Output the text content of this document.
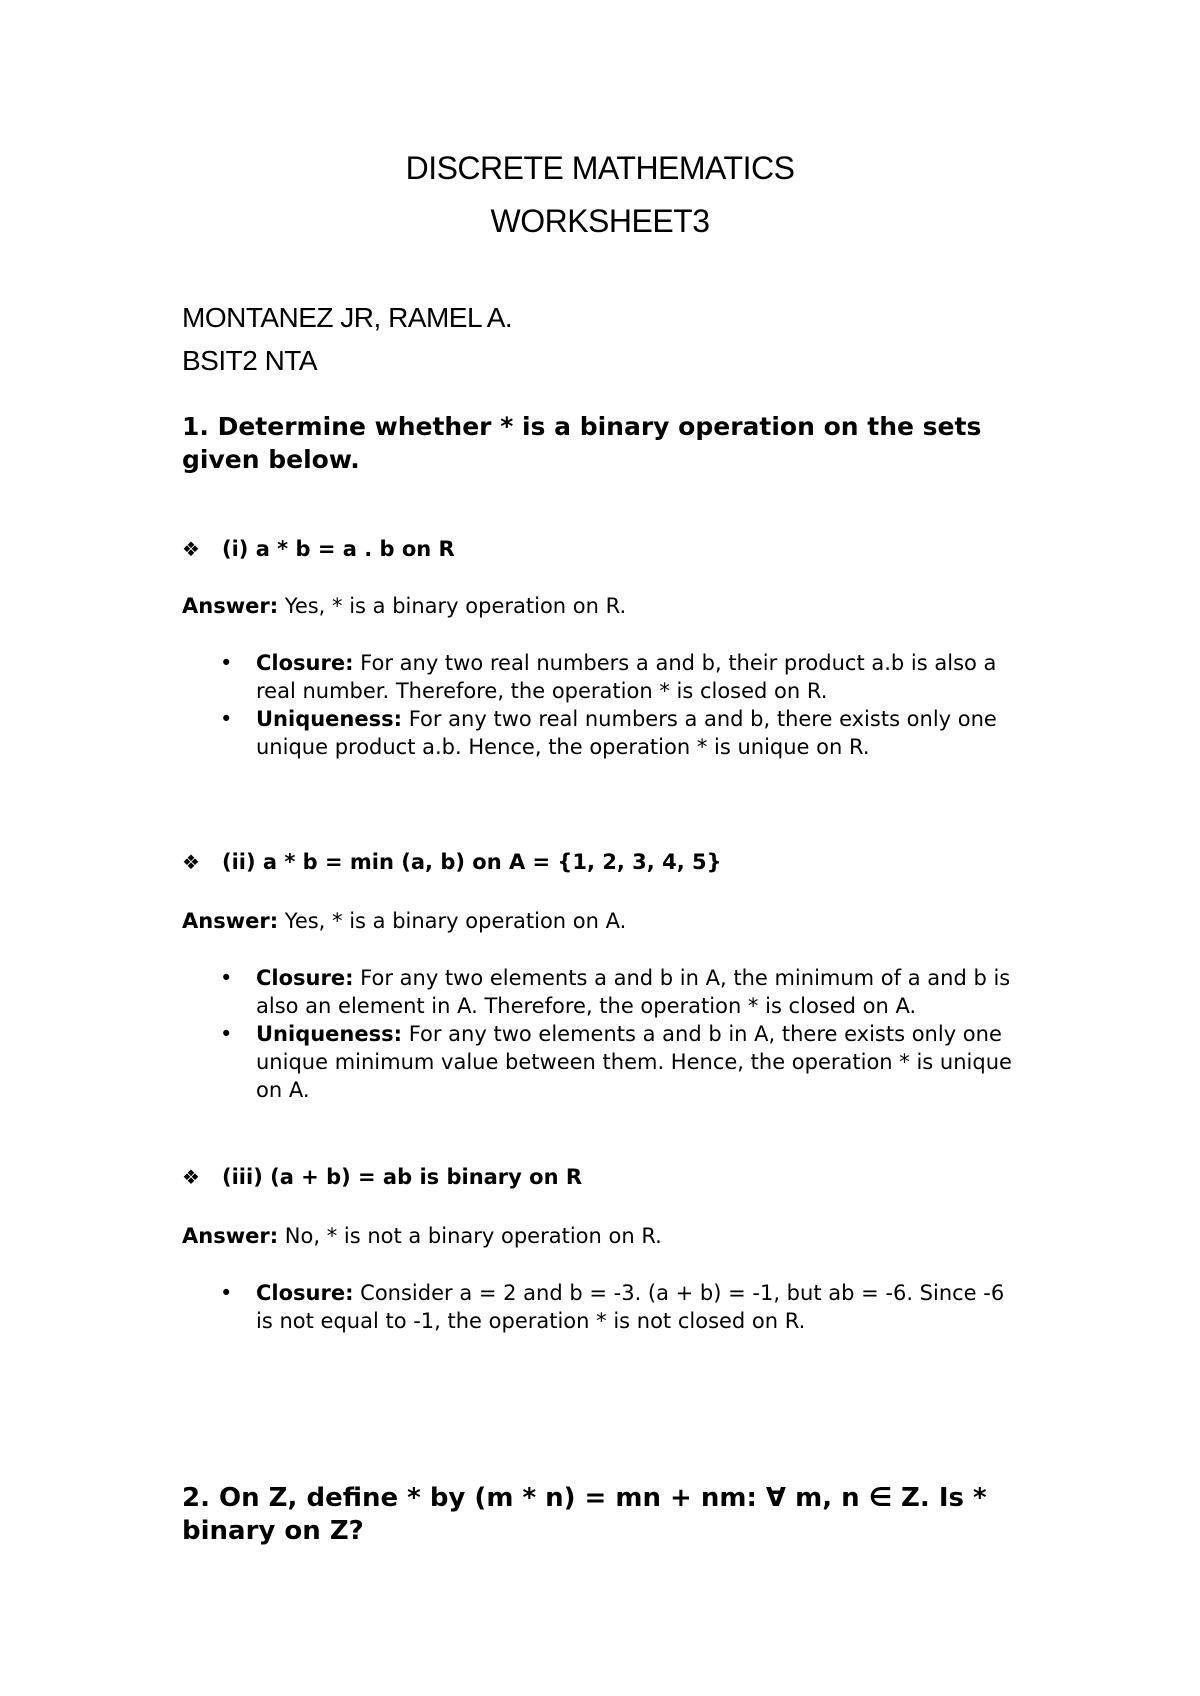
DISCRETE MATHEMATICS
WORKSHEET3
MONTANEZ JR, RAMEL A.
BSIT2 NTA
1. Determine whether * is a binary operation on the sets given below.
❖ (i) a * b = a . b on R
Answer: Yes, * is a binary operation on R.
• Closure: For any two real numbers a and b, their product a.b is also a real number. Therefore, the operation * is closed on R.
• Uniqueness: For any two real numbers a and b, there exists only one unique product a.b. Hence, the operation * is unique on R.
❖ (ii) a * b = min (a, b) on A = {1, 2, 3, 4, 5}
Answer: Yes, * is a binary operation on A.
• Closure: For any two elements a and b in A, the minimum of a and b is also an element in A. Therefore, the operation * is closed on A.
• Uniqueness: For any two elements a and b in A, there exists only one unique minimum value between them. Hence, the operation * is unique on A.
❖ (iii) (a + b) = ab is binary on R
Answer: No, * is not a binary operation on R.
• Closure: Consider a = 2 and b = -3. (a + b) = -1, but ab = -6. Since -6 is not equal to -1, the operation * is not closed on R.
2. On Z, define * by (m * n) = mn + nm: ∀ m, n ∈ Z. Is * binary on Z?
